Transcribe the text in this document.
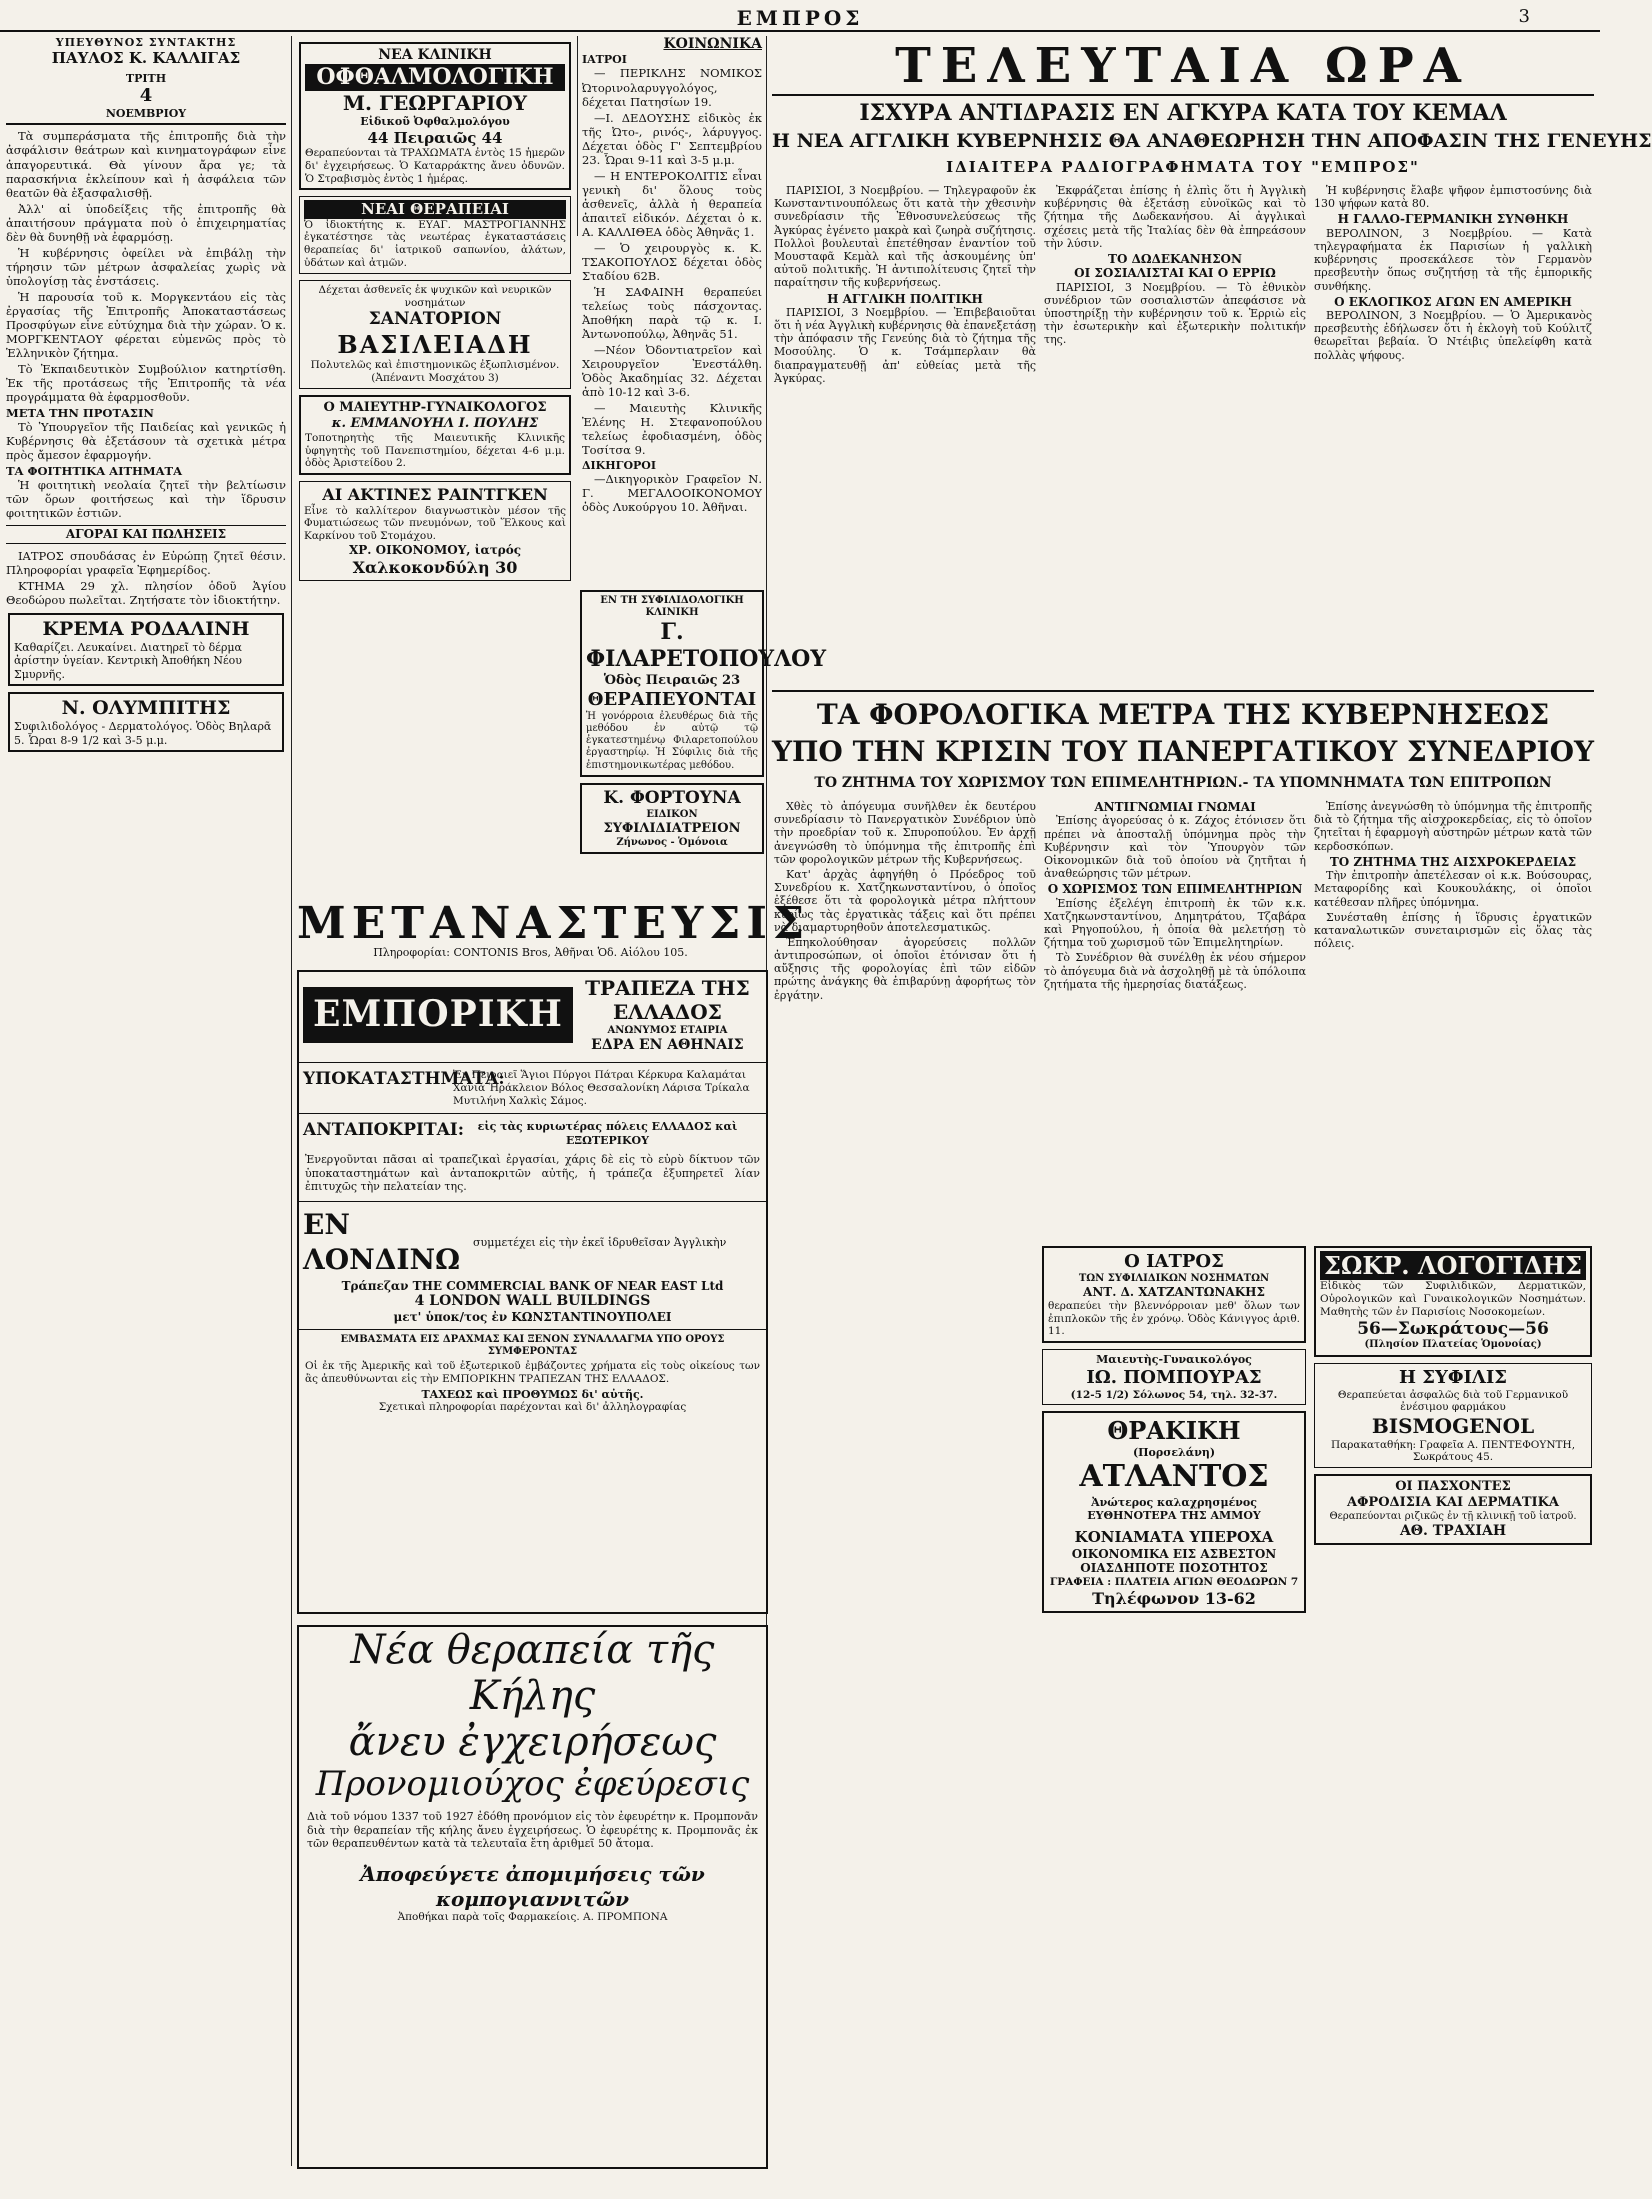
ΕΜΠΡΟΣ	3
ΥΠΕΥΘΥΝΟΣ ΣΥΝΤΑΚΤΗΣ
ΠΑΥΛΟΣ Κ. ΚΑΛΛΙΓΑΣ
ΤΡΙΤΗ
4
ΝΟΕΜΒΡΙΟΥ

Τὰ συμπεράσματα τῆς ἐπιτροπῆς διὰ τὴν ἀσφάλισιν θεάτρων καὶ κινηματογράφων εἶνε ἀπαγορευτικά. Θὰ γίνουν ἄρα γε; τὰ παρασκήνια ἐκλείπουν καὶ ἡ ἀσφάλεια τῶν θεατῶν θὰ ἐξασφαλισθῇ.

Ἀλλ' αἱ ὑποδείξεις τῆς ἐπιτροπῆς θὰ ἀπαιτήσουν πράγματα ποὺ ὁ ἐπιχειρηματίας δὲν θὰ δυνηθῇ νὰ ἐφαρμόσῃ.

Ἡ κυβέρνησις ὀφείλει νὰ ἐπιβάλῃ τὴν τήρησιν τῶν μέτρων ἀσφαλείας χωρὶς νὰ ὑπολογίσῃ τὰς ἐνστάσεις.

Ἡ παρουσία τοῦ κ. Μοργκεντάου εἰς τὰς ἐργασίας τῆς Ἐπιτροπῆς Ἀποκαταστάσεως Προσφύγων εἶνε εὐτύχημα διὰ τὴν χώραν. Ὁ κ. ΜΟΡΓΚΕΝΤΑΟΥ φέρεται εὐμενῶς πρὸς τὸ Ἑλληνικὸν ζήτημα.

Τὸ Ἐκπαιδευτικὸν Συμβούλιον κατηρτίσθη. Ἐκ τῆς προτάσεως τῆς Ἐπιτροπῆς τὰ νέα προγράμματα θὰ ἐφαρμοσθοῦν.

ΜΕΤΑ ΤΗΝ ΠΡΟΤΑΣΙΝ

Τὸ Ὑπουργεῖον τῆς Παιδείας καὶ γενικῶς ἡ Κυβέρνησις θὰ ἐξετάσουν τὰ σχετικὰ μέτρα πρὸς ἄμεσον ἐφαρμογήν.

ΤΑ ΦΟΙΤΗΤΙΚΑ ΑΙΤΗΜΑΤΑ

Ἡ φοιτητικὴ νεολαία ζητεῖ τὴν βελτίωσιν τῶν ὅρων φοιτήσεως καὶ τὴν ἵδρυσιν φοιτητικῶν ἑστιῶν.

ΑΓΟΡΑΙ ΚΑΙ ΠΩΛΗΣΕΙΣ

ΙΑΤΡΟΣ σπουδάσας ἐν Εὐρώπῃ ζητεῖ θέσιν. Πληροφορίαι γραφεῖα Ἐφημερίδος.

ΚΤΗΜΑ 29 χλ. πλησίον ὁδοῦ Ἁγίου Θεοδώρου πωλεῖται. Ζητήσατε τὸν ἰδιοκτήτην.

ΚΡΕΜΑ ΡΟΔΑΛΙΝΗ
Καθαρίζει. Λευκαίνει. Διατηρεῖ τὸ δέρμα ἀρίστην ὑγείαν. Κεντρικὴ Ἀποθήκη Νέου Σμυρνῆς.
Ν. ΟΛΥΜΠΙΤΗΣ
Συφιλιδολόγος - Δερματολόγος. Ὁδὸς Βηλαρᾶ 5. Ὧραι 8-9 1/2 καὶ 3-5 μ.μ.
ΝΕΑ ΚΛΙΝΙΚΗ
ΟΦΘΑΛΜΟΛΟΓΙΚΗ
Μ. ΓΕΩΡΓΑΡΙΟΥ
Εἰδικοῦ Ὀφθαλμολόγου
44 Πειραιῶς 44
Θεραπεύονται τὰ ΤΡΑΧΩΜΑΤΑ ἐντὸς 15 ἡμερῶν δι' ἐγχειρήσεως. Ὁ Καταρράκτης ἄνευ ὀδυνῶν. Ὁ Στραβισμὸς ἐντὸς 1 ἡμέρας.
ΝΕΑΙ ΘΕΡΑΠΕΙΑΙ
Ὁ ἰδιοκτήτης κ. ΕΥΑΓ. ΜΑΣΤΡΟΓΙΑΝΝΗΣ ἐγκατέστησε τὰς νεωτέρας ἐγκαταστάσεις θεραπείας δι' ἰατρικοῦ σαπωνίου, ἁλάτων, ὑδάτων καὶ ἀτμῶν.
Δέχεται ἀσθενεῖς ἐκ ψυχικῶν καὶ νευρικῶν νοσημάτων
ΣΑΝΑΤΟΡΙΟΝ
ΒΑΣΙΛΕΙΑΔΗ
Πολυτελῶς καὶ ἐπιστημονικῶς ἐξωπλισμένον.
(Ἀπέναντι Μοσχάτου 3)
Ο ΜΑΙΕΥΤΗΡ-ΓΥΝΑΙΚΟΛΟΓΟΣ
κ. ΕΜΜΑΝΟΥΗΛ Ι. ΠΟΥΛΗΣ
Τοποτηρητὴς τῆς Μαιευτικῆς Κλινικῆς ὑφηγητὴς τοῦ Πανεπιστημίου, δέχεται 4-6 μ.μ. ὁδὸς Ἀριστείδου 2.
ΑΙ ΑΚΤΙΝΕΣ ΡΑΙΝΤΓΚΕΝ
Εἶνε τὸ καλλίτερον διαγνωστικὸν μέσον τῆς Φυματιώσεως τῶν πνευμόνων, τοῦ Ἕλκους καὶ Καρκίνου τοῦ Στομάχου.
ΧΡ. ΟΙΚΟΝΟΜΟΥ, ἰατρός
Χαλκοκονδύλη 30
ΚΟΙΝΩΝΙΚΑ
ΙΑΤΡΟΙ

— ΠΕΡΙΚΛΗΣ ΝΟΜΙΚΟΣ Ὠτορινολαρυγγολόγος, δέχεται Πατησίων 19.

—Ι. ΔΕΔΟΥΣΗΣ εἰδικὸς ἐκ τῆς Ὠτο-, ρινός-, λάρυγγος. Δέχεται ὁδὸς Γ' Σεπτεμβρίου 23. Ὧραι 9-11 καὶ 3-5 μ.μ.

— Η ΕΝΤΕΡΟΚΟΛΙΤΙΣ εἶναι γενικὴ δι' ὅλους τοὺς ἀσθενεῖς, ἀλλὰ ἡ θεραπεία ἀπαιτεῖ εἰδικόν. Δέχεται ὁ κ. Α. ΚΑΛΛΙΘΕΑ ὁδὸς Ἀθηνᾶς 1.

— Ὁ χειρουργὸς κ. Κ. ΤΣΑΚΟΠΟΥΛΟΣ δέχεται ὁδὸς Σταδίου 62Β.

Ἡ ΣΑΦΑΙΝΗ θεραπεύει τελείως τοὺς πάσχοντας. Ἀποθήκη παρὰ τῷ κ. Ι. Ἀντωνοπούλῳ, Ἀθηνᾶς 51.

—Νέον Ὀδοντιατρεῖον καὶ Χειρουργεῖον Ἐνεστάλθη. Ὁδὸς Ἀκαδημίας 32. Δέχεται ἀπὸ 10-12 καὶ 3-6.

— Μαιευτὴς Κλινικῆς Ἐλένης Η. Στεφανοπούλου τελείως ἐφοδιασμένη, ὁδὸς Τοσίτσα 9.

ΔΙΚΗΓΟΡΟΙ

—Δικηγορικὸν Γραφεῖον Ν. Γ. ΜΕΓΑΛΟΟΙΚΟΝΟΜΟΥ ὁδὸς Λυκούργου 10. Ἀθῆναι.

ΕΝ ΤΗ ΣΥΦΙΛΙΔΟΛΟΓΙΚΗ ΚΛΙΝΙΚΗ
Γ. ΦΙΛΑΡΕΤΟΠΟΥΛΟΥ
Ὁδὸς Πειραιῶς 23
ΘΕΡΑΠΕΥΟΝΤΑΙ
Ἡ γονόρροια ἐλευθέρως διὰ τῆς μεθόδου ἐν αὐτῷ τῷ ἐγκατεστημένῳ Φιλαρετοπούλου ἐργαστηρίῳ. Ἡ Σύφιλις διὰ τῆς ἐπιστημονικωτέρας μεθόδου.
Κ. ΦΟΡΤΟΥΝΑ
ΕΙΔΙΚΟΝ
ΣΥΦΙΛΙΔΙΑΤΡΕΙΟΝ
Ζήνωνος - Ὁμόνοια
ΜΕΤΑΝΑΣΤΕΥΣΙΣ
Πληροφορίαι: CONTONIS Bros, Ἀθῆναι Ὁδ. Αἰόλου 105.
ΕΜΠΟΡΙΚΗ
ΤΡΑΠΕΖΑ ΤΗΣ ΕΛΛΑΔΟΣ
ΑΝΩΝΥΜΟΣ ΕΤΑΙΡΙΑ
ΕΔΡΑ ΕΝ ΑΘΗΝΑΙΣ
ΥΠΟΚΑΤΑΣΤΗΜΑΤΑ:
Ἐν Πειραιεῖ Ἅγιοι Πύργοι Πάτραι Κέρκυρα Καλαμάται Χανιά Ἡράκλειον Βόλος Θεσσαλονίκη Λάρισα Τρίκαλα Μυτιλήνη Χαλκὶς Σάμος.
ΑΝΤΑΠΟΚΡΙΤΑΙ:	εἰς τὰς κυριωτέρας πόλεις ΕΛΛΑΔΟΣ καὶ ΕΞΩΤΕΡΙΚΟΥ
Ἐνεργοῦνται πᾶσαι αἱ τραπεζικαὶ ἐργασίαι, χάρις δὲ εἰς τὸ εὐρὺ δίκτυον τῶν ὑποκαταστημάτων καὶ ἀνταποκριτῶν αὐτῆς, ἡ τράπεζα ἐξυπηρετεῖ λίαν ἐπιτυχῶς τὴν πελατείαν της.
ΕΝ ΛΟΝΔΙΝΩ
συμμετέχει εἰς τὴν ἐκεῖ ἱδρυθεῖσαν Ἀγγλικὴν
Τράπεζαν THE COMMERCIAL BANK OF NEAR EAST Ltd
4 LONDON WALL BUILDINGS
μετ' ὑποκ/τος ἐν ΚΩΝΣΤΑΝΤΙΝΟΥΠΟΛΕΙ
ΕΜΒΑΣΜΑΤΑ ΕΙΣ ΔΡΑΧΜΑΣ ΚΑΙ ΞΕΝΟΝ ΣΥΝΑΛΛΑΓΜΑ ΥΠΟ ΟΡΟΥΣ ΣΥΜΦΕΡΟΝΤΑΣ
Οἱ ἐκ τῆς Ἀμερικῆς καὶ τοῦ ἐξωτερικοῦ ἐμβάζοντες χρήματα εἰς τοὺς οἰκείους των ἂς ἀπευθύνωνται εἰς τὴν ΕΜΠΟΡΙΚΗΝ ΤΡΑΠΕΖΑΝ ΤΗΣ ΕΛΛΑΔΟΣ.
ΤΑΧΕΩΣ καὶ ΠΡΟΘΥΜΩΣ δι' αὐτῆς.
Σχετικαὶ πληροφορίαι παρέχονται καὶ δι' ἀλληλογραφίας
Νέα θεραπεία τῆς Κήλης
ἄνευ ἐγχειρήσεως
Προνομιούχος ἐφεύρεσις
Διὰ τοῦ νόμου 1337 τοῦ 1927 ἐδόθη προνόμιον εἰς τὸν ἐφευρέτην κ. Προμπονᾶν διὰ τὴν θεραπείαν τῆς κήλης ἄνευ ἐγχειρήσεως. Ὁ ἐφευρέτης κ. Προμπονᾶς ἐκ τῶν θεραπευθέντων κατὰ τὰ τελευταῖα ἔτη ἀριθμεῖ 50 ἄτομα.
Ἀποφεύγετε ἀπομιμήσεις τῶν κομπογιαννιτῶν
Ἀποθήκαι παρὰ τοῖς Φαρμακείοις. Α. ΠΡΟΜΠΟΝΑ
ΤΕΛΕΥΤΑΙΑ ΩΡΑ
ΙΣΧΥΡΑ ΑΝΤΙΔΡΑΣΙΣ ΕΝ ΑΓΚΥΡΑ ΚΑΤΑ ΤΟΥ ΚΕΜΑΛ
Η ΝΕΑ ΑΓΓΛΙΚΗ ΚΥΒΕΡΝΗΣΙΣ ΘΑ ΑΝΑΘΕΩΡΗΣΗ ΤΗΝ ΑΠΟΦΑΣΙΝ ΤΗΣ ΓΕΝΕΥΗΣ
ΙΔΙΑΙΤΕΡΑ ΡΑΔΙΟΓΡΑΦΗΜΑΤΑ ΤΟΥ "ΕΜΠΡΟΣ"

ΠΑΡΙΣΙΟΙ, 3 Νοεμβρίου. — Τηλεγραφοῦν ἐκ Κωνσταντινουπόλεως ὅτι κατὰ τὴν χθεσινὴν συνεδρίασιν τῆς Ἐθνοσυνελεύσεως τῆς Ἀγκύρας ἐγένετο μακρὰ καὶ ζωηρὰ συζήτησις. Πολλοὶ βουλευταὶ ἐπετέθησαν ἐναντίον τοῦ Μουσταφᾶ Κεμὰλ καὶ τῆς ἀσκουμένης ὑπ' αὐτοῦ πολιτικῆς. Ἡ ἀντιπολίτευσις ζητεῖ τὴν παραίτησιν τῆς κυβερνήσεως.

Η ΑΓΓΛΙΚΗ ΠΟΛΙΤΙΚΗ

ΠΑΡΙΣΙΟΙ, 3 Νοεμβρίου. — Ἐπιβεβαιοῦται ὅτι ἡ νέα Ἀγγλικὴ κυβέρνησις θὰ ἐπανεξετάσῃ τὴν ἀπόφασιν τῆς Γενεύης διὰ τὸ ζήτημα τῆς Μοσούλης. Ὁ κ. Τσάμπερλαιν θὰ διαπραγματευθῇ ἀπ' εὐθείας μετὰ τῆς Ἀγκύρας.

Ἐκφράζεται ἐπίσης ἡ ἐλπὶς ὅτι ἡ Ἀγγλικὴ κυβέρνησις θὰ ἐξετάσῃ εὐνοϊκῶς καὶ τὸ ζήτημα τῆς Δωδεκανήσου. Αἱ ἀγγλικαὶ σχέσεις μετὰ τῆς Ἰταλίας δὲν θὰ ἐπηρεάσουν τὴν λύσιν.

ΤΟ ΔΩΔΕΚΑΝΗΣΟΝ
ΟΙ ΣΟΣΙΑΛΙΣΤΑΙ ΚΑΙ Ο ΕΡΡΙΩ

ΠΑΡΙΣΙΟΙ, 3 Νοεμβρίου. — Τὸ ἐθνικὸν συνέδριον τῶν σοσιαλιστῶν ἀπεφάσισε νὰ ὑποστηρίξῃ τὴν κυβέρνησιν τοῦ κ. Ἑρριὼ εἰς τὴν ἐσωτερικὴν καὶ ἐξωτερικὴν πολιτικήν της.

Ἡ κυβέρνησις ἔλαβε ψῆφον ἐμπιστοσύνης διὰ 130 ψήφων κατὰ 80.

Η ΓΑΛΛΟ-ΓΕΡΜΑΝΙΚΗ ΣΥΝΘΗΚΗ

ΒΕΡΟΛΙΝΟΝ, 3 Νοεμβρίου. — Κατὰ τηλεγραφήματα ἐκ Παρισίων ἡ γαλλικὴ κυβέρνησις προσεκάλεσε τὸν Γερμανὸν πρεσβευτὴν ὅπως συζητήσῃ τὰ τῆς ἐμπορικῆς συνθήκης.

Ο ΕΚΛΟΓΙΚΟΣ ΑΓΩΝ ΕΝ ΑΜΕΡΙΚΗ

ΒΕΡΟΛΙΝΟΝ, 3 Νοεμβρίου. — Ὁ Ἀμερικανὸς πρεσβευτὴς ἐδήλωσεν ὅτι ἡ ἐκλογὴ τοῦ Κούλιτζ θεωρεῖται βεβαία. Ὁ Ντέιβις ὑπελείφθη κατὰ πολλὰς ψήφους.

ΤΑ ΦΟΡΟΛΟΓΙΚΑ ΜΕΤΡΑ ΤΗΣ ΚΥΒΕΡΝΗΣΕΩΣ
ΥΠΟ ΤΗΝ ΚΡΙΣΙΝ ΤΟΥ ΠΑΝΕΡΓΑΤΙΚΟΥ ΣΥΝΕΔΡΙΟΥ
ΤΟ ΖΗΤΗΜΑ ΤΟΥ ΧΩΡΙΣΜΟΥ ΤΩΝ ΕΠΙΜΕΛΗΤΗΡΙΩΝ.- ΤΑ ΥΠΟΜΝΗΜΑΤΑ ΤΩΝ ΕΠΙΤΡΟΠΩΝ

Χθὲς τὸ ἀπόγευμα συνῆλθεν ἐκ δευτέρου συνεδρίασιν τὸ Πανεργατικὸν Συνέδριον ὑπὸ τὴν προεδρίαν τοῦ κ. Σπυροπούλου. Ἐν ἀρχῇ ἀνεγνώσθη τὸ ὑπόμνημα τῆς ἐπιτροπῆς ἐπὶ τῶν φορολογικῶν μέτρων τῆς Κυβερνήσεως.

Κατ' ἀρχὰς ἀφηγήθη ὁ Πρόεδρος τοῦ Συνεδρίου κ. Χατζηκωνσταντίνου, ὁ ὁποῖος ἐξέθεσε ὅτι τὰ φορολογικὰ μέτρα πλήττουν κυρίως τὰς ἐργατικὰς τάξεις καὶ ὅτι πρέπει νὰ διαμαρτυρηθοῦν ἀποτελεσματικῶς.

Ἐπηκολούθησαν ἀγορεύσεις πολλῶν ἀντιπροσώπων, οἱ ὁποῖοι ἐτόνισαν ὅτι ἡ αὔξησις τῆς φορολογίας ἐπὶ τῶν εἰδῶν πρώτης ἀνάγκης θὰ ἐπιβαρύνῃ ἀφορήτως τὸν ἐργάτην.

ΑΝΤΙΓΝΩΜΙΑΙ ΓΝΩΜΑΙ

Ἐπίσης ἀγορεύσας ὁ κ. Ζάχος ἐτόνισεν ὅτι πρέπει νὰ ἀποσταλῇ ὑπόμνημα πρὸς τὴν Κυβέρνησιν καὶ τὸν Ὑπουργὸν τῶν Οἰκονομικῶν διὰ τοῦ ὁποίου νὰ ζητῆται ἡ ἀναθεώρησις τῶν μέτρων.

Ο ΧΩΡΙΣΜΟΣ ΤΩΝ ΕΠΙΜΕΛΗΤΗΡΙΩΝ

Ἐπίσης ἐξελέγη ἐπιτροπὴ ἐκ τῶν κ.κ. Χατζηκωνσταντίνου, Δημητράτου, Τζαβάρα καὶ Ρηγοπούλου, ἡ ὁποία θὰ μελετήσῃ τὸ ζήτημα τοῦ χωρισμοῦ τῶν Ἐπιμελητηρίων.

Τὸ Συνέδριον θὰ συνέλθῃ ἐκ νέου σήμερον τὸ ἀπόγευμα διὰ νὰ ἀσχοληθῇ μὲ τὰ ὑπόλοιπα ζητήματα τῆς ἡμερησίας διατάξεως.

Ἐπίσης ἀνεγνώσθη τὸ ὑπόμνημα τῆς ἐπιτροπῆς διὰ τὸ ζήτημα τῆς αἰσχροκερδείας, εἰς τὸ ὁποῖον ζητεῖται ἡ ἐφαρμογὴ αὐστηρῶν μέτρων κατὰ τῶν κερδοσκόπων.

ΤΟ ΖΗΤΗΜΑ ΤΗΣ ΑΙΣΧΡΟΚΕΡΔΕΙΑΣ

Τὴν ἐπιτροπὴν ἀπετέλεσαν οἱ κ.κ. Βούσουρας, Μεταφορίδης καὶ Κουκουλάκης, οἱ ὁποῖοι κατέθεσαν πλῆρες ὑπόμνημα.

Συνέσταθη ἐπίσης ἡ ἵδρυσις ἐργατικῶν καταναλωτικῶν συνεταιρισμῶν εἰς ὅλας τὰς πόλεις.

Ο ΙΑΤΡΟΣ
ΤΩΝ ΣΥΦΙΛΙΔΙΚΩΝ ΝΟΣΗΜΑΤΩΝ
ΑΝΤ. Δ. ΧΑΤΖΑΝΤΩΝΑΚΗΣ
θεραπεύει τὴν βλεννόρροιαν μεθ' ὅλων των ἐπιπλοκῶν τῆς ἐν χρόνῳ. Ὁδὸς Κάνιγγος ἀριθ. 11.
Μαιευτὴς-Γυναικολόγος
ΙΩ. ΠΟΜΠΟΥΡΑΣ
(12-5 1/2) Σόλωνος 54, τηλ. 32-37.
ΘΡΑΚΙΚΗ
(Πορσελάνη)
ΑΤΛΑΝΤΟΣ
Ἀνώτερος καλαχρησμένος ΕΥΘΗΝΟΤΕΡΑ ΤΗΣ ΑΜΜΟΥ
ΚΟΝΙΑΜΑΤΑ ΥΠΕΡΟΧΑ
ΟΙΚΟΝΟΜΙΚΑ ΕΙΣ ΑΣΒΕΣΤΟΝ
ΟΙΑΣΔΗΠΟΤΕ ΠΟΣΟΤΗΤΟΣ
ΓΡΑΦΕΙΑ : ΠΛΑΤΕΙΑ ΑΓΙΩΝ ΘΕΟΔΩΡΩΝ 7
Τηλέφωνον 13-62
ΣΩΚΡ. ΛΟΓΟΓΙΔΗΣ
Εἰδικὸς τῶν Συφιλιδικῶν, Δερματικῶν, Οὐρολογικῶν καὶ Γυναικολογικῶν Νοσημάτων. Μαθητὴς τῶν ἐν Παρισίοις Νοσοκομείων.
56—Σωκράτους—56
(Πλησίον Πλατείας Ὁμονοίας)
Η ΣΥΦΙΛΙΣ
Θεραπεύεται ἀσφαλῶς διὰ τοῦ Γερμανικοῦ ἐνέσιμου φαρμάκου
BISMOGENOL
Παρακαταθήκη: Γραφεῖα Α. ΠΕΝΤΕΦΟΥΝΤΗ, Σωκράτους 45.
ΟΙ ΠΑΣΧΟΝΤΕΣ
ΑΦΡΟΔΙΣΙΑ ΚΑΙ ΔΕΡΜΑΤΙΚΑ
Θεραπεύονται ριζικῶς ἐν τῇ κλινικῇ τοῦ ἰατροῦ.
ΑΘ. ΤΡΑΧΙΑΗ
